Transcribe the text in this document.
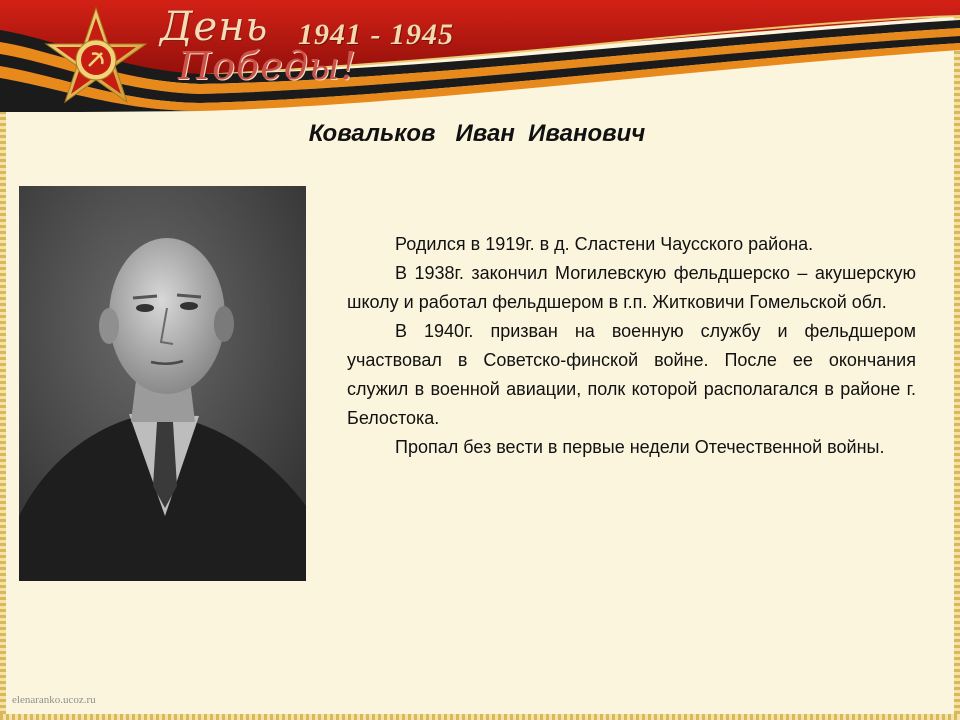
День
Победы!
1941 - 1945
Ковальков   Иван  Иванович

Родился в 1919г. в д. Сластени Чаусского района.

В 1938г. закончил Могилевскую фельдшерско – акушерскую школу и работал фельдшером в г.п. Житковичи Гомельской обл.

В 1940г. призван на военную службу и фельдшером участвовал в Советско-финской войне. После ее окончания служил в военной авиации, полк которой располагался в районе г. Белостока.

Пропал без вести в первые недели Отечественной войны.

elenaranko.ucoz.ru
